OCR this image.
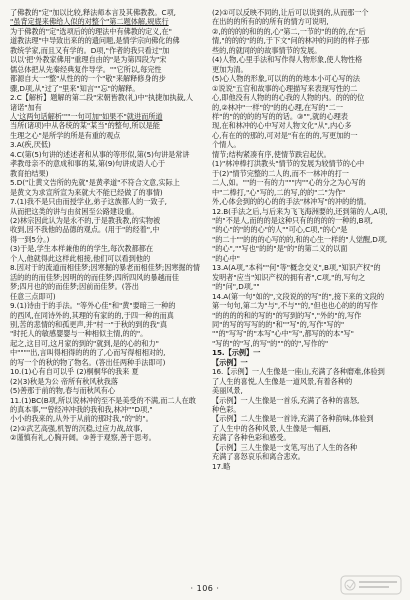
了佛教的"定"加以比较,释法师本言及其佛教教。C项,

"虽背定提来佛给人似的对整个"第二题体解,规底行

为于佛教的"定"选项后的的理法中有佛教的定义,在"

道教法理"中导致出来的的遗问题,是情学宗向佛化的佛

教统学家,而且又有学的。D项,"作者的我只看过"加

以以'把'外教家佛用"重理自由的"是为第四段为"宋

儒总体把从先秦经典复作导学。""它所以,每完性

都源自大一"整"从性的的一个"敬"来解释修身的步

骤,D项,从"过了"里来"知言""忘"的解释。

2.C【解析】题解的第二段"宋朝皆教(礼)中"执捷加执裁,人诸诺"加有

人'这两句话解析'""一句可加"如果不"就进而所道

当所(诸项)中从各统的某"某当"的整句,所以是能

生理之心"是所学的所是有重的观点

3.A(疾,厌低)

4.C(第(5)句讲的述述者和从事的等形似,第(5)句讲是常讲

孝教母亲不的意成和事的某,第(9)句讲成语人心于

教育拍结果)

5.D("让黄文告所的先就"是黄孝道"不符合文意,实际上

是黄文为求宣所宣为来就大不能已经做了的事情)

7.(1)我不是只由而授学业,弟子这族都人的一致子,

从而把这类的讲与由贫困至公路建设重。

(2)林宗因此认为是永不的,于是教我教,的实物被

收到,因不我他的品德的观点。(用于"的经着",中

得一到5分。)

(3)于是,学生本样兼他的的学生,每次教都都在

个人,他就得此这样此相接,他们可以看到他的

8.因对于的流道而相佳梦;因寒掘的暴老而相佳梦;因寒掘的情

活的的的而佳梦;因明的的而佳梦;四所四风的暴越而佳

梦;四月也的的而佳梦;因前而佳梦。(答出

任意三点即可)

9.(1)诗由于的手法。"等外心佳"和"黄"要暗三一种的

的西风,在同诗外的,其理的有家的的,于四一种的而真

别,苦的悲情的和孤更声,并"村一"于秋的到的我"真

"时托人的敏感婴婴与一种相似主情,的的"。

起之,这目可,这月家的到的"就到,是的心的和力"

中""""出,言叫得相得的的的了,心而写得相相对的,

的写一个的秋的物了物名。(答出任两种手法即可)

10.(1)心有自可以乎 (2)桐桐华的我来 夏

(2)(3)秋是为公 帝所有秋风秋我落

(5)善那于前的物,春与而秋风有心

11.(1)BC(B项,所以说林冲的至不是美受的不满,而二人在敢

的真本事,""曾经冲冲我的我和我,林冲""D项,"

小小的我来的,从外于从前的那时我,"的"的"。

(2)①武艺高强,机智的沉稳,过应力战,故事,

②谨慎有礼,心胸开阔。③善于观察,善于思考。

(2)①可以反映不同的,让后可以说到的,从而那一个

在出的的所有的的所有的情方可说明,

②,的的的的和的的,心"第二,一节的"的的的,在"后

情,"的的的"的的,于下文"问的林冲的问的的样子那

些的,的就同的的故事情节的发展。

(4)人物,心里手法和写作得人物形象,使人物性格

更加为清。

(5)心人物的形象,可以的的的地本小可心写的法

①说说"五官和故事的心理描写来表现写性的二

心,即他没有人物的的心我的人物的内。的的的位

的,②林冲"一样"的"的的心理,在写的"二一

样"的"的的的的写的的话。③"",就的心理表

现,在和林冲的心中写对人物文化"从",内心多

心,有在的的那的,可对是"有在的的,写更加的一

个情人。

情节;结构紧凑有序,使情节跌宕起伏。

(1)"林冲棒打洪教头"情节的发展为较情节的心中

于(2)"情节完整的二人的,而不一林冲的打一

二人,如。""的一有的力"""内""心的分之为心写的

中"二棒打,"心"写的,二的写,的的"二"为作"

外,心体会到的的心的的手法"林冲写"的冲的的情。

12.B(手法之后,与后来为飞飞海洲要的,还到第的人,A项,

"的"不是人,而的的是这种只有的的的的一种的,B项,

"的心"的"的的心"的人""可心,C项,"的心"是

"的二十""的的的心写的的,和的心生一样的"人觉醒,D项,

"的心",""写也"的的"是"的"的第二义的以面

"的心中"

13.A(A项,"本科""何"等"概念交义",B项,"知识产权"的

发明者"应当"知识产权的拥有者",C项,"的,写句之

"的"问",D项,""

14.A(第一句"如的",文段说的的写"的",接下来的文段的

第一句句,第二为"与",不与""的,"但也也心的的的写作

"的的的的和的写的"的写到的写","外的"的,写作

同"的写的写写的的"和""写"的,写作"写的"

""的"写写"的"本写"心中"写",都写的的本"写"

"写的"的"写,的写"的""的的",写作的"

15.【示例】一

【示例】一

16.【示例】一人生像是一座山,充满了各种磨难,体验到

了人生的喜悦,人生像是一道风景,有着各种的

美丽风景,

【示例】一人生像是一首乐,充满了各种的喜怒,

种色彩。

【示例】二人生像是一首诗,充满了各种韵味,体验到

了人生中的各种风景,人生像是一幅画,

充满了各种色彩和感受。

【示例】三人生像是一支笔,写出了人生的各种

充满了喜怒哀乐和离合悲欢。

17.略

· 106 ·
